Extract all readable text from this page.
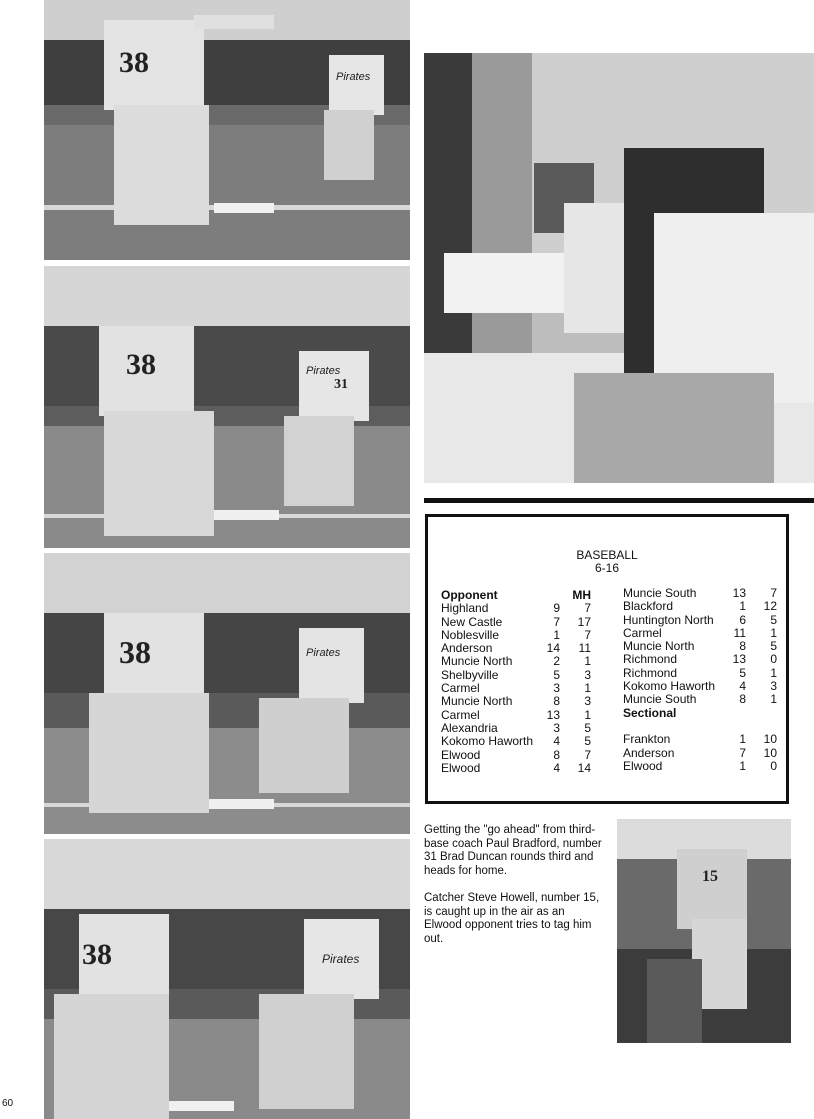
38	Pirates
38	Pirates
31
38	Pirates
38	Pirates
BASEBALL
6-16
Opponent	MH
Highland	9	7
New Castle	7	17
Noblesville	1	7
Anderson	14	11
Muncie North	2	1
Shelbyville	5	3
Carmel	3	1
Muncie North	8	3
Carmel	13	1
Alexandria	3	5
Kokomo Haworth	4	5
Elwood	8	7
Elwood	4	14
Muncie South	13	7
Blackford	1	12
Huntington North	6	5
Carmel	11	1
Muncie North	8	5
Richmond	13	0
Richmond	5	1
Kokomo Haworth	4	3
Muncie South	8	1
Sectional
Frankton	1	10
Anderson	7	10
Elwood	1	0
15
Getting the "go ahead" from third-base coach Paul Bradford, number 31 Brad Duncan rounds third and heads for home.
Catcher Steve Howell, number 15, is caught up in the air as an Elwood opponent tries to tag him out.
60
